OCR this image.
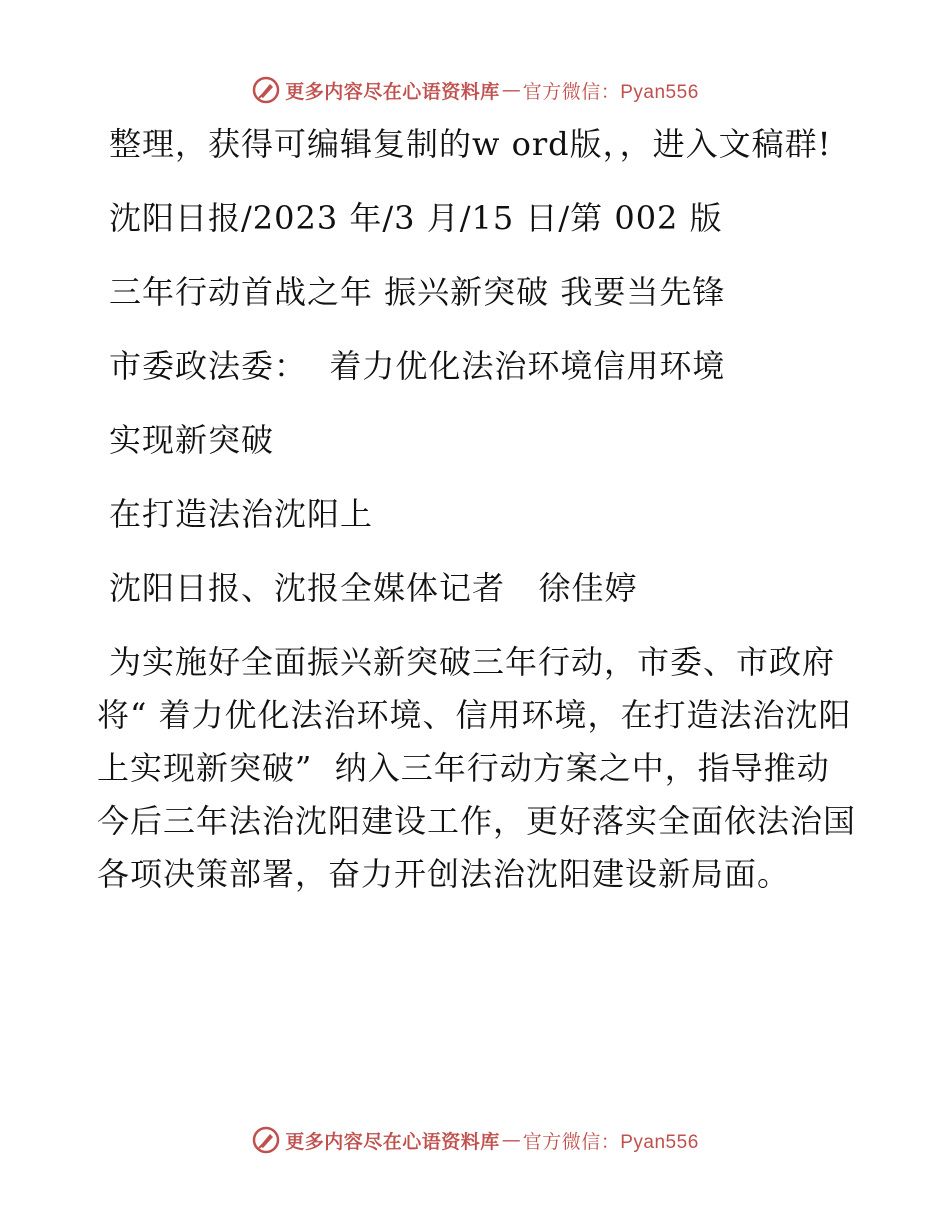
更多内容尽在心语资料库 — 官方微信：Pyan556

整理，获得可编辑复制的w ord版，，进入文稿群!

沈阳日报/2023 年/3 月/15 日/第 002 版

三年行动首战之年 振兴新突破 我要当先锋

市委政法委：  着力优化法治环境信用环境

实现新突破

在打造法治沈阳上

沈阳日报、沈报全媒体记者   徐佳婷

为实施好全面振兴新突破三年行动，市委、市政府将“ 着力优化法治环境、信用环境，在打造法治沈阳上实现新突破”  纳入三年行动方案之中，指导推动今后三年法治沈阳建设工作，更好落实全面依法治国各项决策部署，奋力开创法治沈阳建设新局面。

更多内容尽在心语资料库 — 官方微信：Pyan556
